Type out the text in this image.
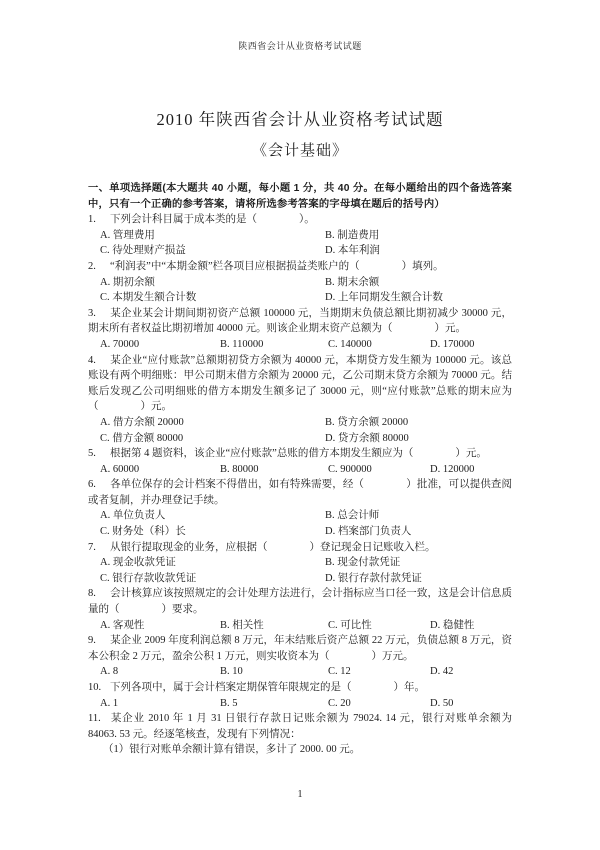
陕西省会计从业资格考试试题
2010 年陕西省会计从业资格考试试题
《会计基础》

一、单项选择题(本大题共 40 小题，每小题 1 分，共 40 分。在每小题给出的四个备选答案中，只有一个正确的参考答案，请将所选参考答案的字母填在题后的括号内）

1. 下列会计科目属于成本类的是（　　　　）。

A. 管理费用	B. 制造费用
C. 待处理财产损益	D. 本年利润

2. “利润表”中“本期金额”栏各项目应根据损益类账户的（　　　　）填列。

A. 期初余额	B. 期末余额
C. 本期发生额合计数	D. 上年同期发生额合计数

3. 某企业某会计期间期初资产总额 100000 元，当期期末负债总额比期初减少 30000 元，期末所有者权益比期初增加 40000 元。则该企业期末资产总额为（　　　　）元。

A. 70000	B. 110000	C. 140000	D. 170000

4. 某企业“应付账款”总额期初贷方余额为 40000 元，本期贷方发生额为 100000 元。该总账设有两个明细账：甲公司期末借方余额为 20000 元，乙公司期末贷方余额为 70000 元。结账后发现乙公司明细账的借方本期发生额多记了 30000 元，则“应付账款”总账的期末应为（　　　　）元。

A. 借方余额 20000	B. 贷方余额 20000
C. 借方金额 80000	D. 贷方余额 80000

5. 根据第 4 题资料，该企业“应付账款”总账的借方本期发生额应为（　　　　）元。

A. 60000	B. 80000	C. 900000	D. 120000

6. 各单位保存的会计档案不得借出，如有特殊需要，经（　　　　）批准，可以提供查阅或者复制，并办理登记手续。

A. 单位负责人	B. 总会计师
C. 财务处（科）长	D. 档案部门负责人

7. 从银行提取现金的业务，应根据（　　　　）登记现金日记账收入栏。

A. 现金收款凭证	B. 现金付款凭证
C. 银行存款收款凭证	D. 银行存款付款凭证

8. 会计核算应该按照规定的会计处理方法进行，会计指标应当口径一致，这是会计信息质量的（　　　　）要求。

A. 客观性	B. 相关性	C. 可比性	D. 稳健性

9. 某企业 2009 年度利润总额 8 万元，年末结账后资产总额 22 万元，负债总额 8 万元，资本公积金 2 万元，盈余公积 1 万元，则实收资本为（　　　　）万元。

A. 8	B. 10	C. 12	D. 42

10. 下列各项中，属于会计档案定期保管年限规定的是（　　　　）年。

A. 1	B. 5	C. 20	D. 50

11. 某企业 2010 年 1 月 31 日银行存款日记账余额为 79024. 14 元，银行对账单余额为 84063. 53 元。经逐笔核查，发现有下列情况：

（1）银行对账单余额计算有错误，多计了 2000. 00 元。

1
